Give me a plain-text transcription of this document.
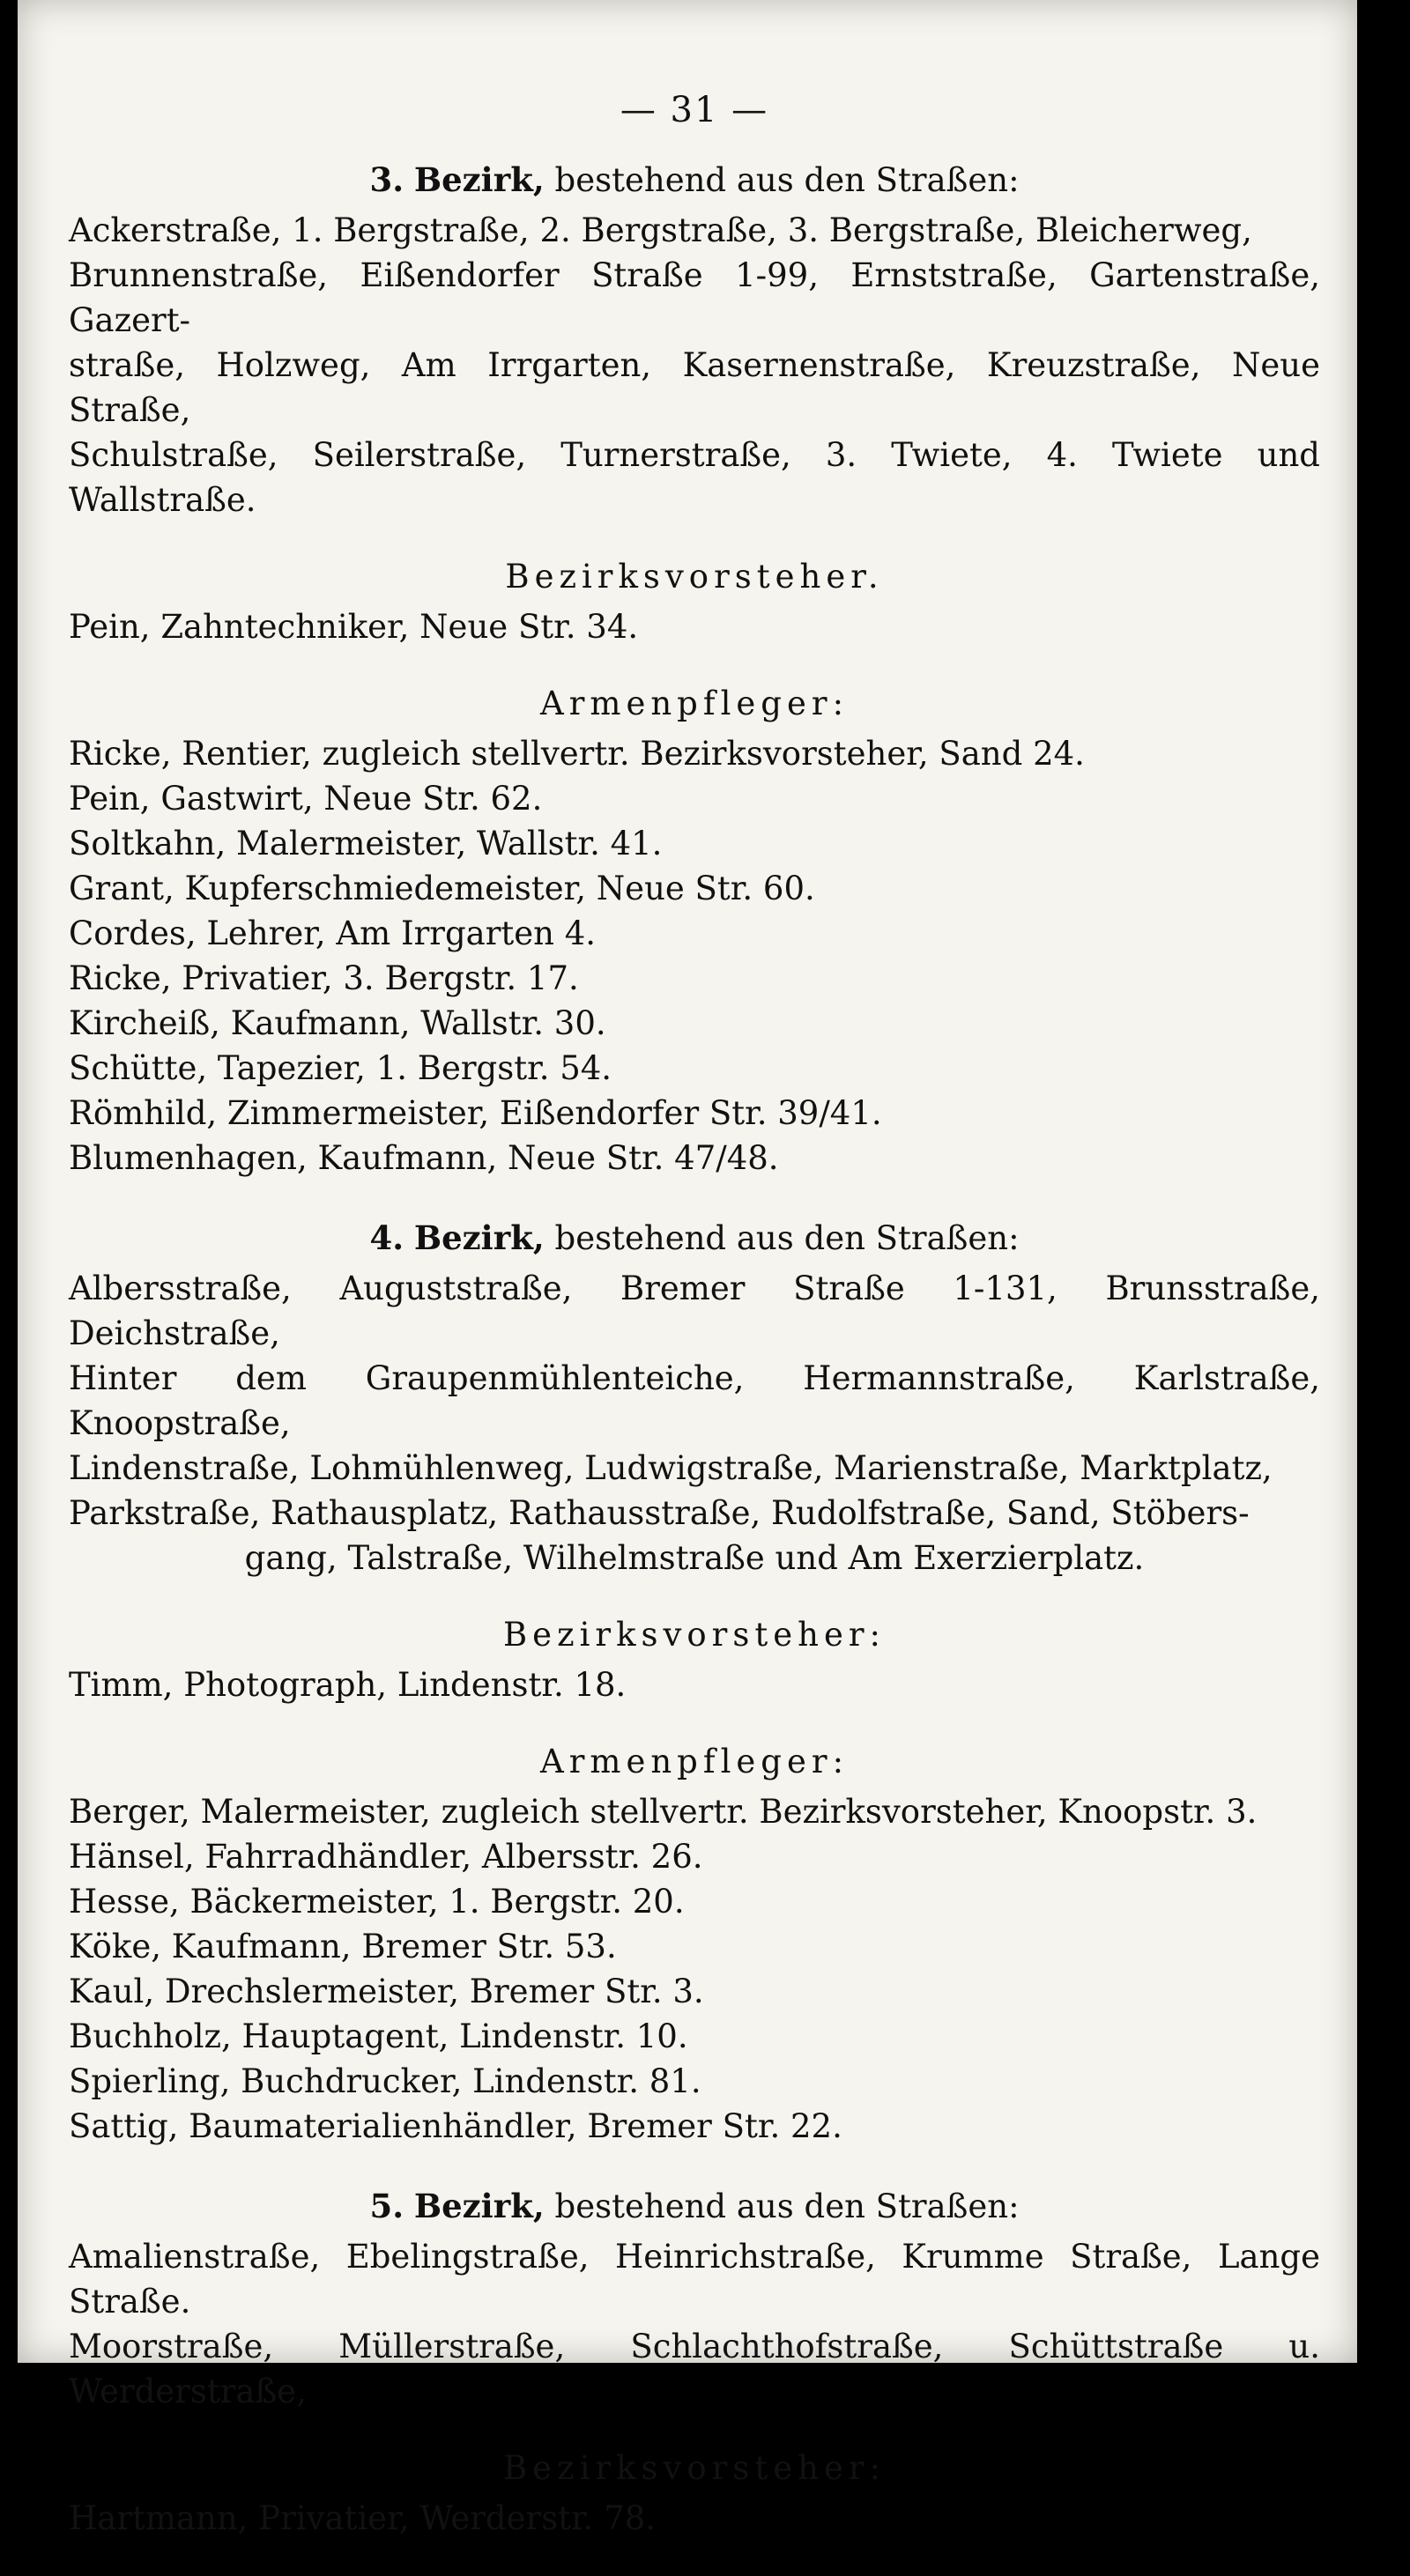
— 31 —
3. Bezirk, bestehend aus den Straßen:

Ackerstraße, 1. Bergstraße, 2. Bergstraße, 3. Bergstraße, Bleicherweg,

Brunnenstraße, Eißendorfer Straße 1-99, Ernststraße, Gartenstraße, Gazert-

straße, Holzweg, Am Irrgarten, Kasernenstraße, Kreuzstraße, Neue Straße,

Schulstraße, Seilerstraße, Turnerstraße, 3. Twiete, 4. Twiete und Wallstraße.

Bezirksvorsteher.

Pein, Zahntechniker, Neue Str. 34.

Armenpfleger:

Ricke, Rentier, zugleich stellvertr. Bezirksvorsteher, Sand 24.

Pein, Gastwirt, Neue Str. 62.

Soltkahn, Malermeister, Wallstr. 41.

Grant, Kupferschmiedemeister, Neue Str. 60.

Cordes, Lehrer, Am Irrgarten 4.

Ricke, Privatier, 3. Bergstr. 17.

Kircheiß, Kaufmann, Wallstr. 30.

Schütte, Tapezier, 1. Bergstr. 54.

Römhild, Zimmermeister, Eißendorfer Str. 39/41.

Blumenhagen, Kaufmann, Neue Str. 47/48.

4. Bezirk, bestehend aus den Straßen:

Albersstraße, Auguststraße, Bremer Straße 1-131, Brunsstraße, Deichstraße,

Hinter dem Graupenmühlenteiche, Hermannstraße, Karlstraße, Knoopstraße,

Lindenstraße, Lohmühlenweg, Ludwigstraße, Marienstraße, Marktplatz,

Parkstraße, Rathausplatz, Rathausstraße, Rudolfstraße, Sand, Stöbers-

gang, Talstraße, Wilhelmstraße und Am Exerzierplatz.

Bezirksvorsteher:

Timm, Photograph, Lindenstr. 18.

Armenpfleger:

Berger, Malermeister, zugleich stellvertr. Bezirksvorsteher, Knoopstr. 3.

Hänsel, Fahrradhändler, Albersstr. 26.

Hesse, Bäckermeister, 1. Bergstr. 20.

Köke, Kaufmann, Bremer Str. 53.

Kaul, Drechslermeister, Bremer Str. 3.

Buchholz, Hauptagent, Lindenstr. 10.

Spierling, Buchdrucker, Lindenstr. 81.

Sattig, Baumaterialienhändler, Bremer Str. 22.

5. Bezirk, bestehend aus den Straßen:

Amalienstraße, Ebelingstraße, Heinrichstraße, Krumme Straße, Lange Straße.

Moorstraße, Müllerstraße, Schlachthofstraße, Schüttstraße u. Werderstraße,

Bezirksvorsteher:

Hartmann, Privatier, Werderstr. 78.
